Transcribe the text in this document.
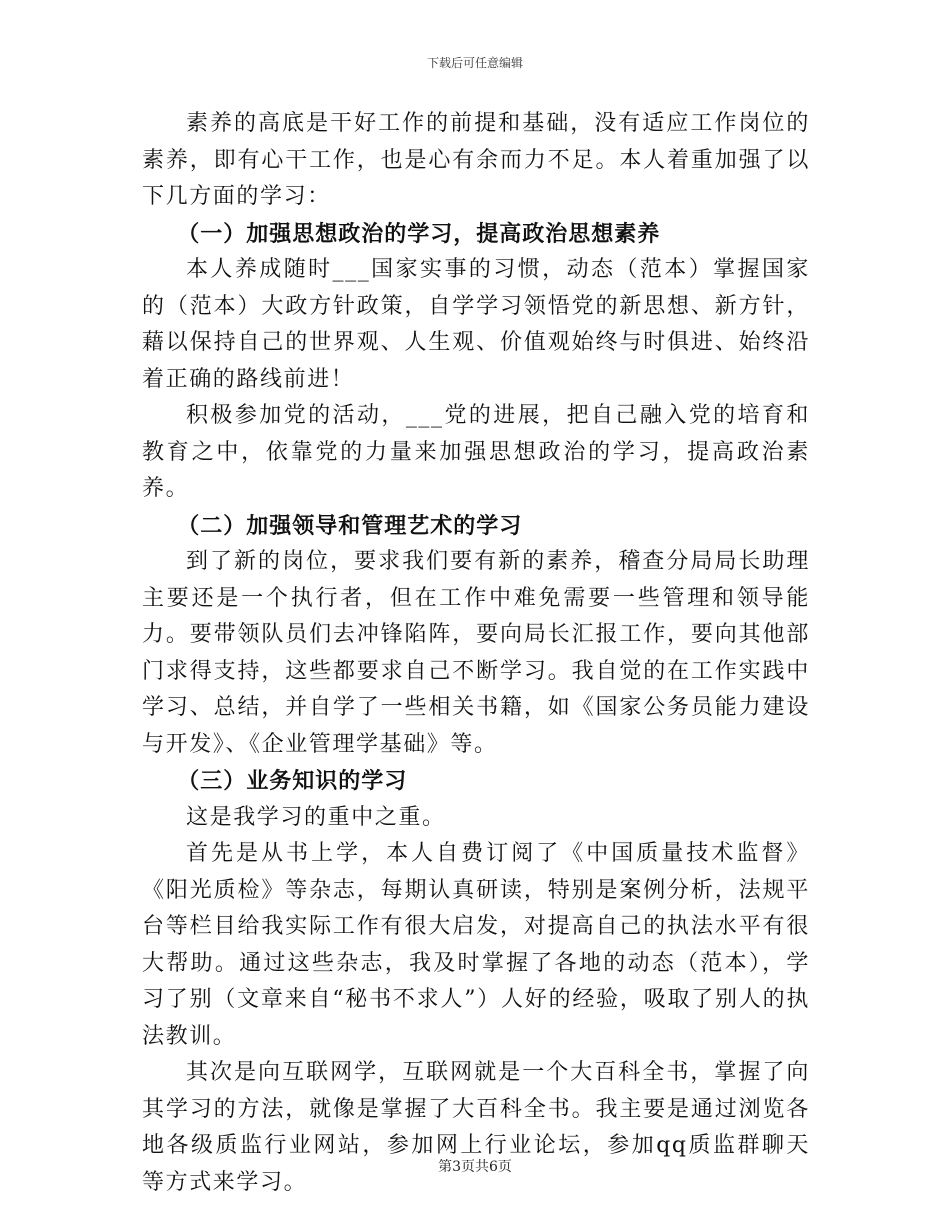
下载后可任意编辑

素养的高底是干好工作的前提和基础，没有适应工作岗位的素养，即有心干工作，也是心有余而力不足。本人着重加强了以下几方面的学习：

（一）加强思想政治的学习，提高政治思想素养

本人养成随时___国家实事的习惯，动态（范本）掌握国家的（范本）大政方针政策，自学学习领悟党的新思想、新方针，藉以保持自己的世界观、人生观、价值观始终与时俱进、始终沿着正确的路线前进！

积极参加党的活动，___党的进展，把自己融入党的培育和教育之中，依靠党的力量来加强思想政治的学习，提高政治素养。

（二）加强领导和管理艺术的学习

到了新的岗位，要求我们要有新的素养，稽查分局局长助理主要还是一个执行者，但在工作中难免需要一些管理和领导能力。要带领队员们去冲锋陷阵，要向局长汇报工作，要向其他部门求得支持，这些都要求自己不断学习。我自觉的在工作实践中学习、总结，并自学了一些相关书籍，如《国家公务员能力建设与开发》、《企业管理学基础》等。

（三）业务知识的学习

这是我学习的重中之重。

首先是从书上学，本人自费订阅了《中国质量技术监督》《阳光质检》等杂志，每期认真研读，特别是案例分析，法规平台等栏目给我实际工作有很大启发，对提高自己的执法水平有很大帮助。通过这些杂志，我及时掌握了各地的动态（范本），学习了别（文章来自“秘书不求人”）人好的经验，吸取了别人的执法教训。

其次是向互联网学，互联网就是一个大百科全书，掌握了向其学习的方法，就像是掌握了大百科全书。我主要是通过浏览各地各级质监行业网站，参加网上行业论坛，参加qq质监群聊天等方式来学习。

第3页共6页
